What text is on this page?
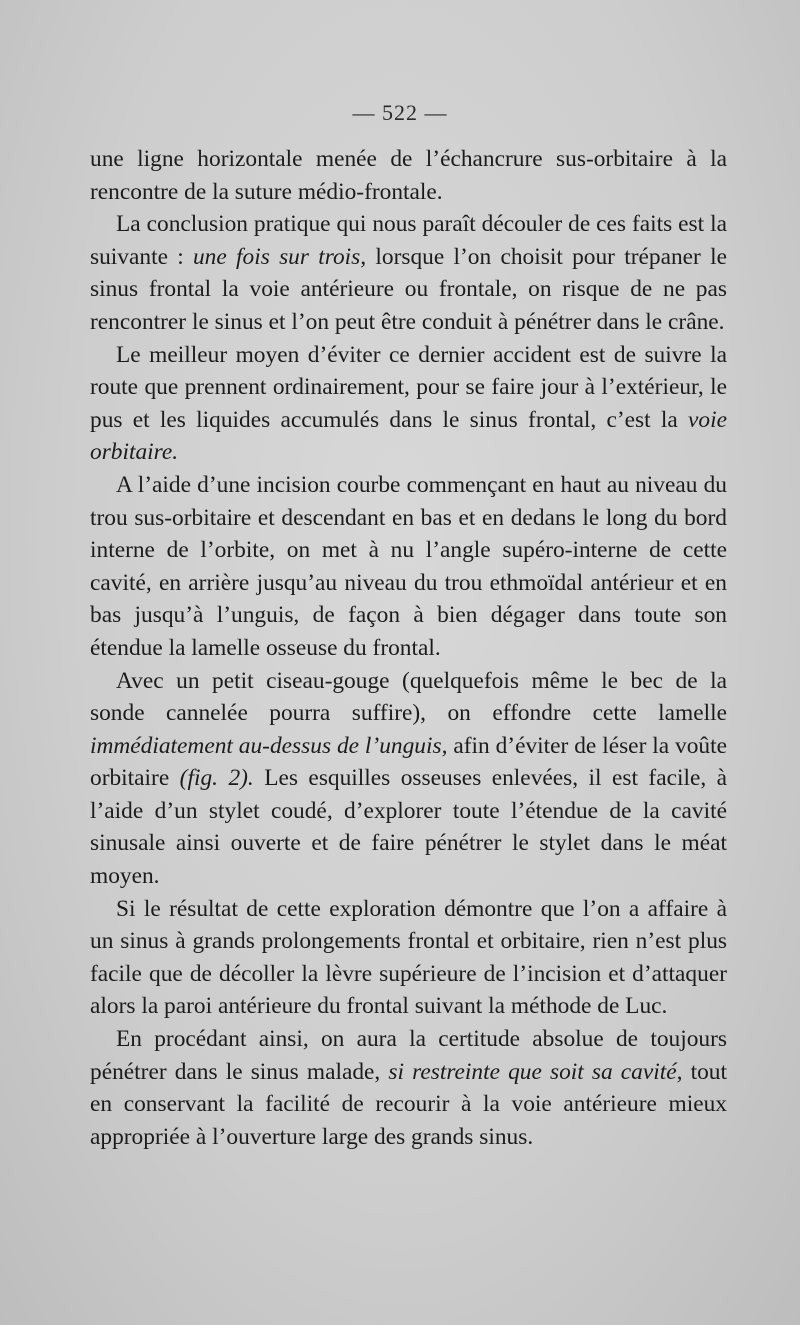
— 522 —

une ligne horizontale menée de l’échancrure sus-orbitaire à la rencontre de la suture médio-frontale.

La conclusion pratique qui nous paraît découler de ces faits est la suivante : une fois sur trois, lorsque l’on choisit pour trépaner le sinus frontal la voie antérieure ou frontale, on risque de ne pas rencontrer le sinus et l’on peut être conduit à pénétrer dans le crâne.

Le meilleur moyen d’éviter ce dernier accident est de suivre la route que prennent ordinairement, pour se faire jour à l’extérieur, le pus et les liquides accumulés dans le sinus frontal, c’est la voie orbitaire.

A l’aide d’une incision courbe commençant en haut au niveau du trou sus-orbitaire et descendant en bas et en dedans le long du bord interne de l’orbite, on met à nu l’angle supéro-interne de cette cavité, en arrière jusqu’au niveau du trou ethmoïdal antérieur et en bas jusqu’à l’unguis, de façon à bien dégager dans toute son étendue la lamelle osseuse du frontal.

Avec un petit ciseau-gouge (quelquefois même le bec de la sonde cannelée pourra suffire), on effondre cette lamelle immédiatement au-dessus de l’unguis, afin d’éviter de léser la voûte orbitaire (fig. 2). Les esquilles osseuses enlevées, il est facile, à l’aide d’un stylet coudé, d’explorer toute l’étendue de la cavité sinusale ainsi ouverte et de faire pénétrer le stylet dans le méat moyen.

Si le résultat de cette exploration démontre que l’on a affaire à un sinus à grands prolongements frontal et orbitaire, rien n’est plus facile que de décoller la lèvre supérieure de l’incision et d’attaquer alors la paroi antérieure du frontal suivant la méthode de Luc.

En procédant ainsi, on aura la certitude absolue de toujours pénétrer dans le sinus malade, si restreinte que soit sa cavité, tout en conservant la facilité de recourir à la voie antérieure mieux appropriée à l’ouverture large des grands sinus.
